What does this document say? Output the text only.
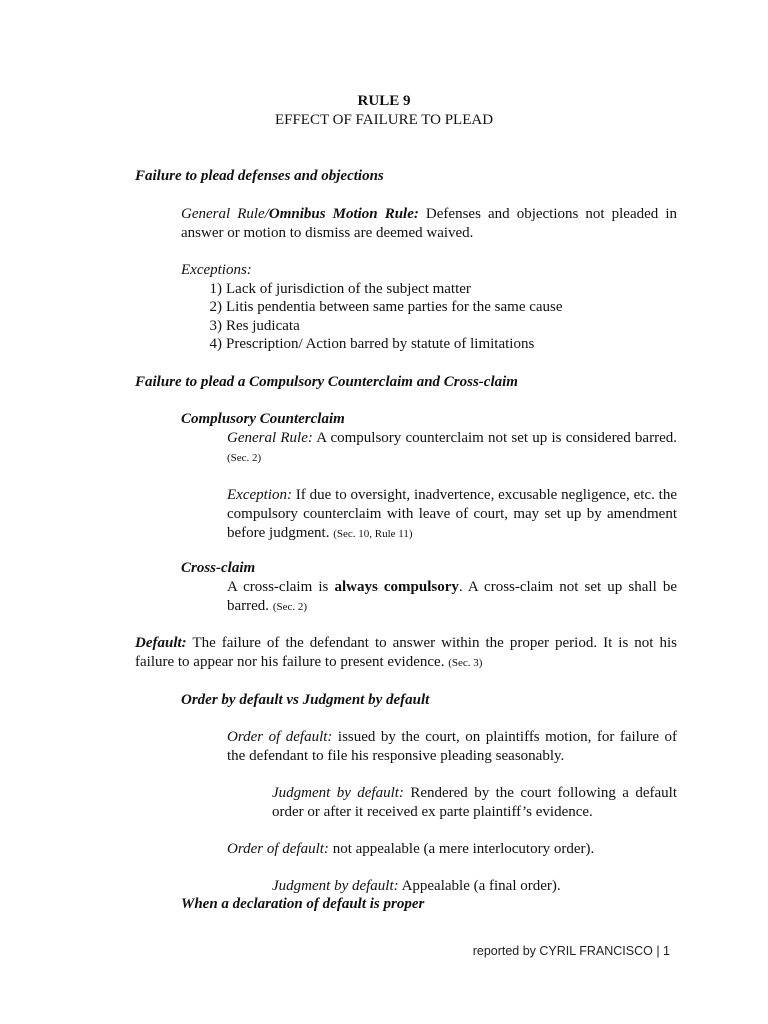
RULE 9
EFFECT OF FAILURE TO PLEAD
Failure to plead defenses and objections
General Rule/Omnibus Motion Rule: Defenses and objections not pleaded in answer or motion to dismiss are deemed waived.
Exceptions:
1) Lack of jurisdiction of the subject matter
2) Litis pendentia between same parties for the same cause
3) Res judicata
4) Prescription/ Action barred by statute of limitations
Failure to plead a Compulsory Counterclaim and Cross-claim
Complusory Counterclaim
General Rule: A compulsory counterclaim not set up is considered barred. (Sec. 2)
Exception: If due to oversight, inadvertence, excusable negligence, etc. the compulsory counterclaim with leave of court, may set up by amendment before judgment. (Sec. 10, Rule 11)
Cross-claim
A cross-claim is always compulsory. A cross-claim not set up shall be barred. (Sec. 2)
Default: The failure of the defendant to answer within the proper period. It is not his failure to appear nor his failure to present evidence. (Sec. 3)
Order by default vs Judgment by default
Order of default: issued by the court, on plaintiffs motion, for failure of the defendant to file his responsive pleading seasonably.
Judgment by default: Rendered by the court following a default order or after it received ex parte plaintiff’s evidence.
Order of default: not appealable (a mere interlocutory order).
Judgment by default: Appealable (a final order).
When a declaration of default is proper
reported by CYRIL FRANCISCO | 1
